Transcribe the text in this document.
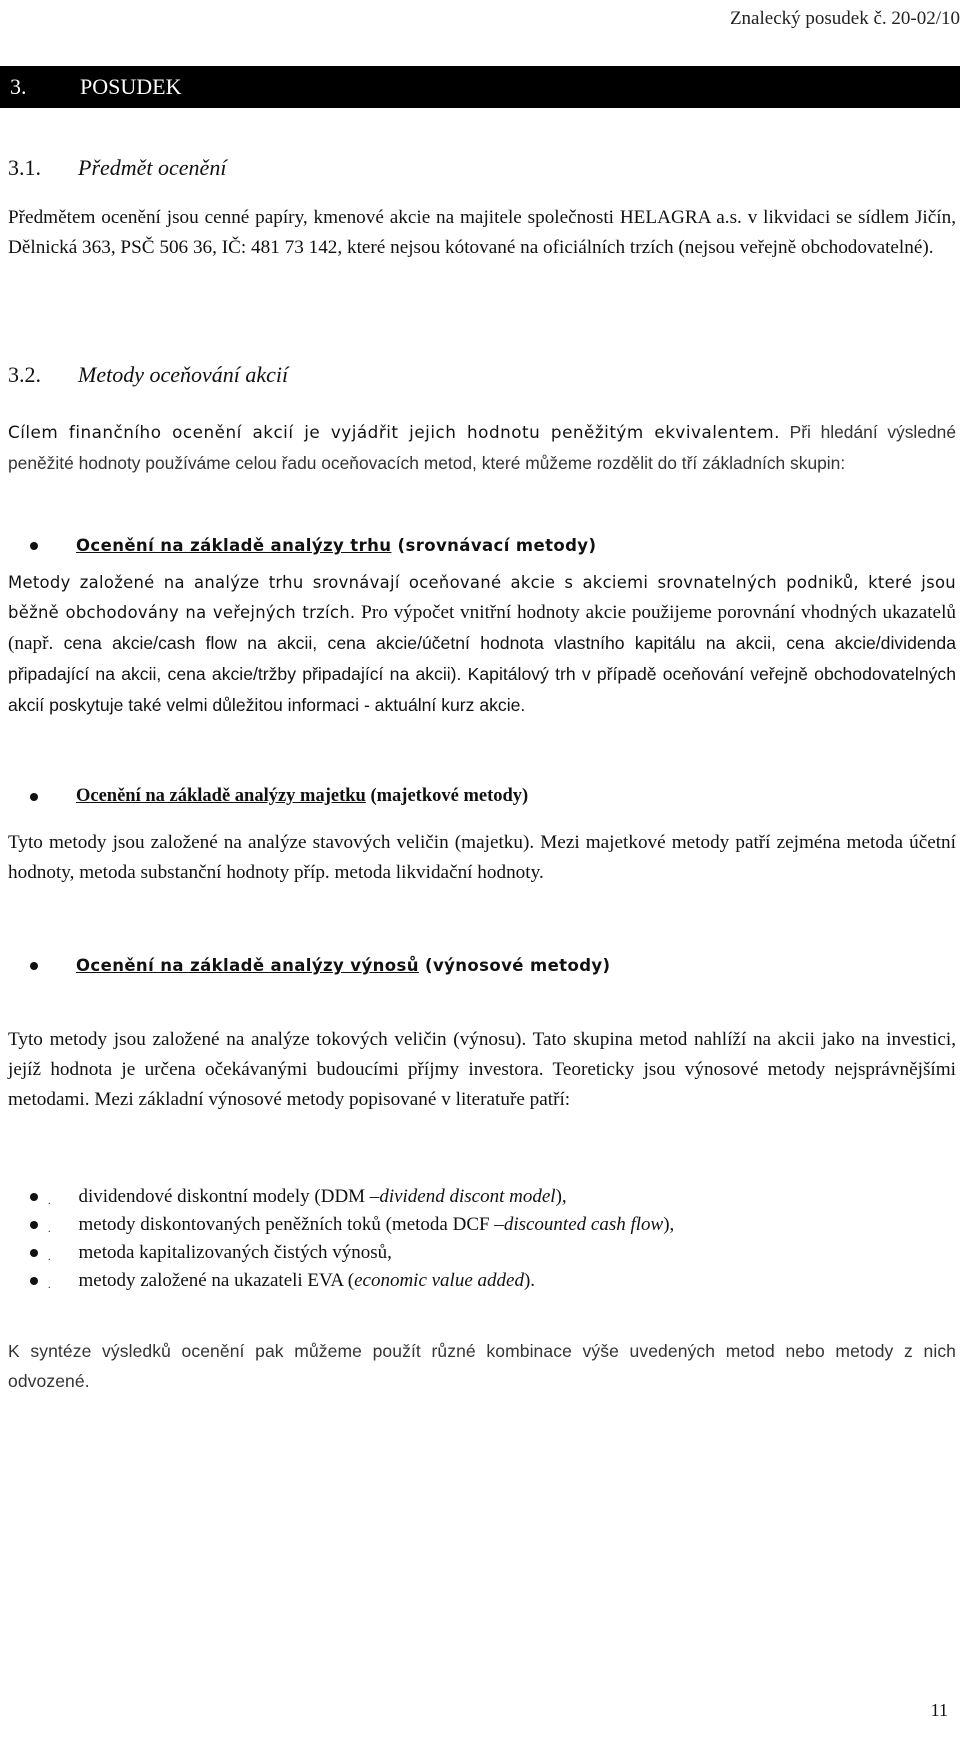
Znalecký posudek č. 20-02/10
3.	POSUDEK
3.1.	Předmět ocenění
Předmětem ocenění jsou cenné papíry, kmenové akcie na majitele společnosti HELAGRA a.s. v likvidaci se sídlem Jičín, Dělnická 363, PSČ 506 36, IČ: 481 73 142, které nejsou kótované na oficiálních trzích (nejsou veřejně obchodovatelné).
3.2.	Metody oceňování akcií
Cílem finančního ocenění akcií je vyjádřit jejich hodnotu peněžitým ekvivalentem. Při hledání výsledné peněžité hodnoty používáme celou řadu oceňovacích metod, které můžeme rozdělit do tří základních skupin:
Ocenění na základě analýzy trhu (srovnávací metody)
Metody založené na analýze trhu srovnávají oceňované akcie s akciemi srovnatelných podniků, které jsou běžně obchodovány na veřejných trzích. Pro výpočet vnitřní hodnoty akcie použijeme porovnání vhodných ukazatelů (např. cena akcie/cash flow na akcii, cena akcie/účetní hodnota vlastního kapitálu na akcii, cena akcie/dividenda připadající na akcii, cena akcie/tržby připadající na akcii). Kapitálový trh v případě oceňování veřejně obchodovatelných akcií poskytuje také velmi důležitou informaci - aktuální kurz akcie.
Ocenění na základě analýzy majetku (majetkové metody)
Tyto metody jsou založené na analýze stavových veličin (majetku). Mezi majetkové metody patří zejména metoda účetní hodnoty, metoda substanční hodnoty příp. metoda likvidační hodnoty.
Ocenění na základě analýzy výnosů (výnosové metody)
Tyto metody jsou založené na analýze tokových veličin (výnosu). Tato skupina metod nahlíží na akcii jako na investici, jejíž hodnota je určena očekávanými budoucími příjmy investora. Teoreticky jsou výnosové metody nejsprávnějšími metodami. Mezi základní výnosové metody popisované v literatuře patří:
. dividendové diskontní modely (DDM – dividend discont model ),
. metody diskontovaných peněžních toků (metoda DCF – discounted cash flow ),
. metoda kapitalizovaných čistých výnosů,
. metody založené na ukazateli EVA ( economic value added ).
K syntéze výsledků ocenění pak můžeme použít různé kombinace výše uvedených metod nebo metody z nich odvozené.
11
